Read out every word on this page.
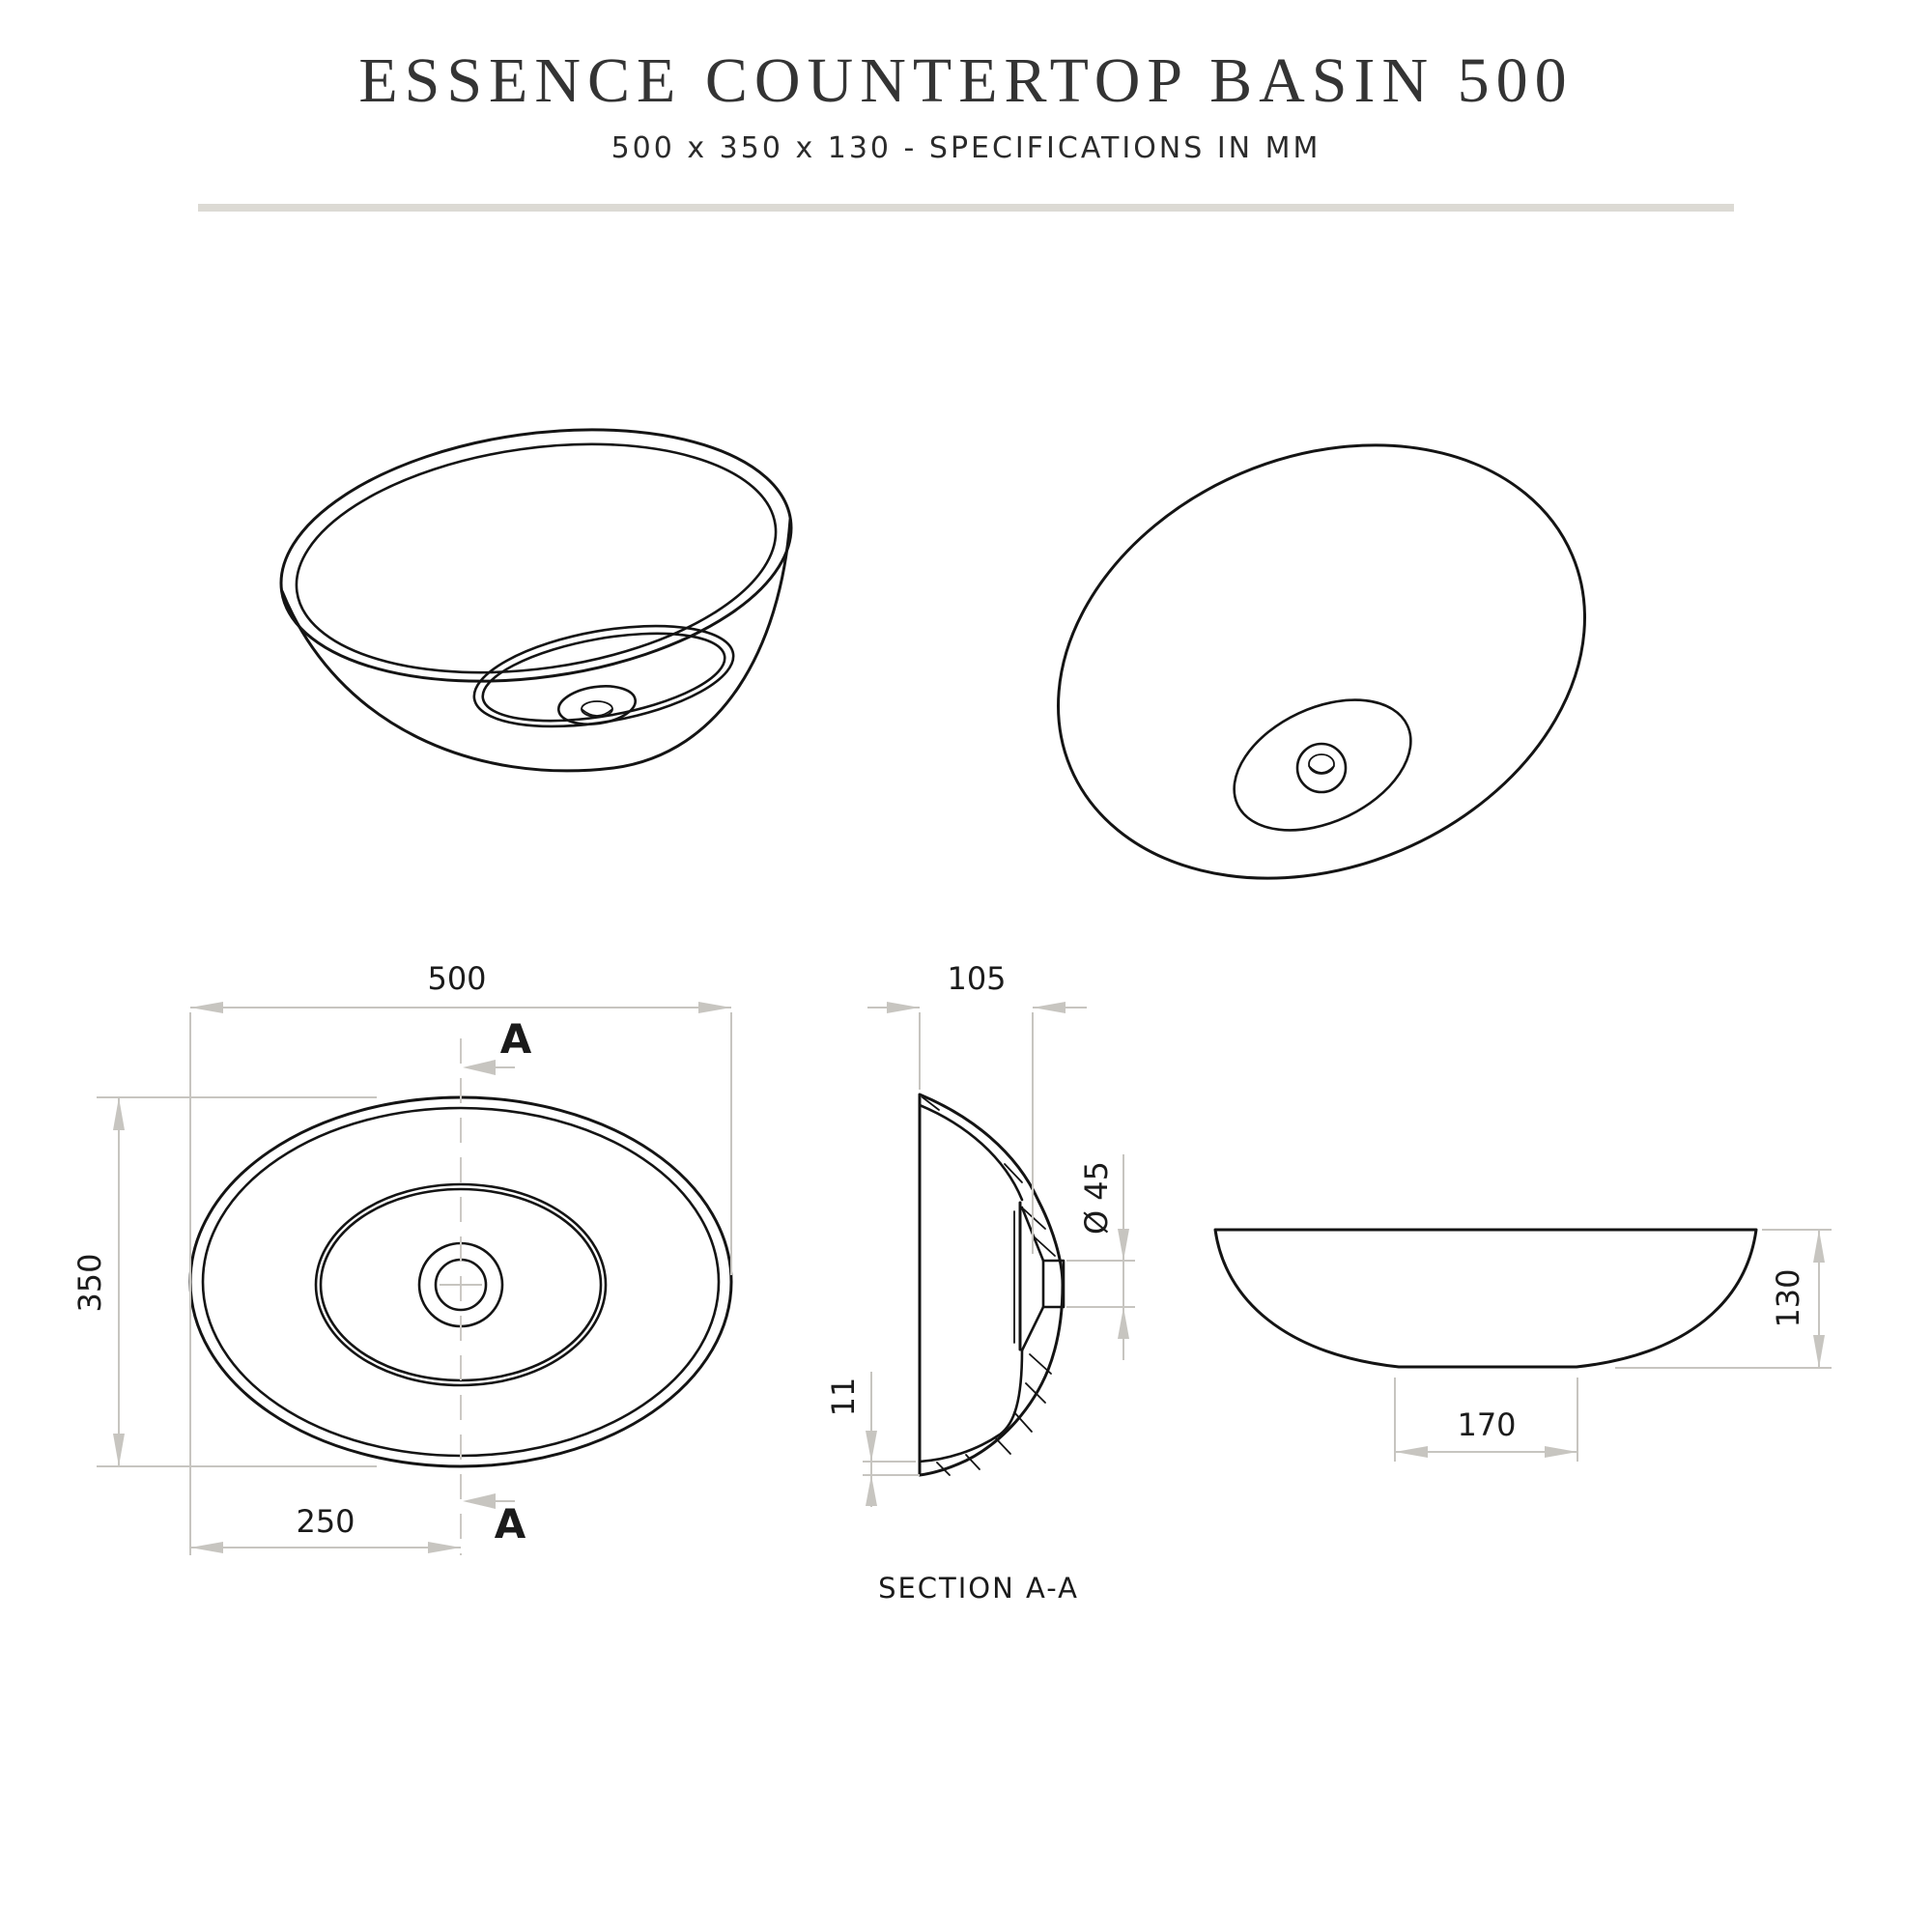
ESSENCE COUNTERTOP BASIN 500
500 x 350 x 130 - SPECIFICATIONS IN MM
A
A
500
350
250
105
Ø 45
11
SECTION A-A
130
170
